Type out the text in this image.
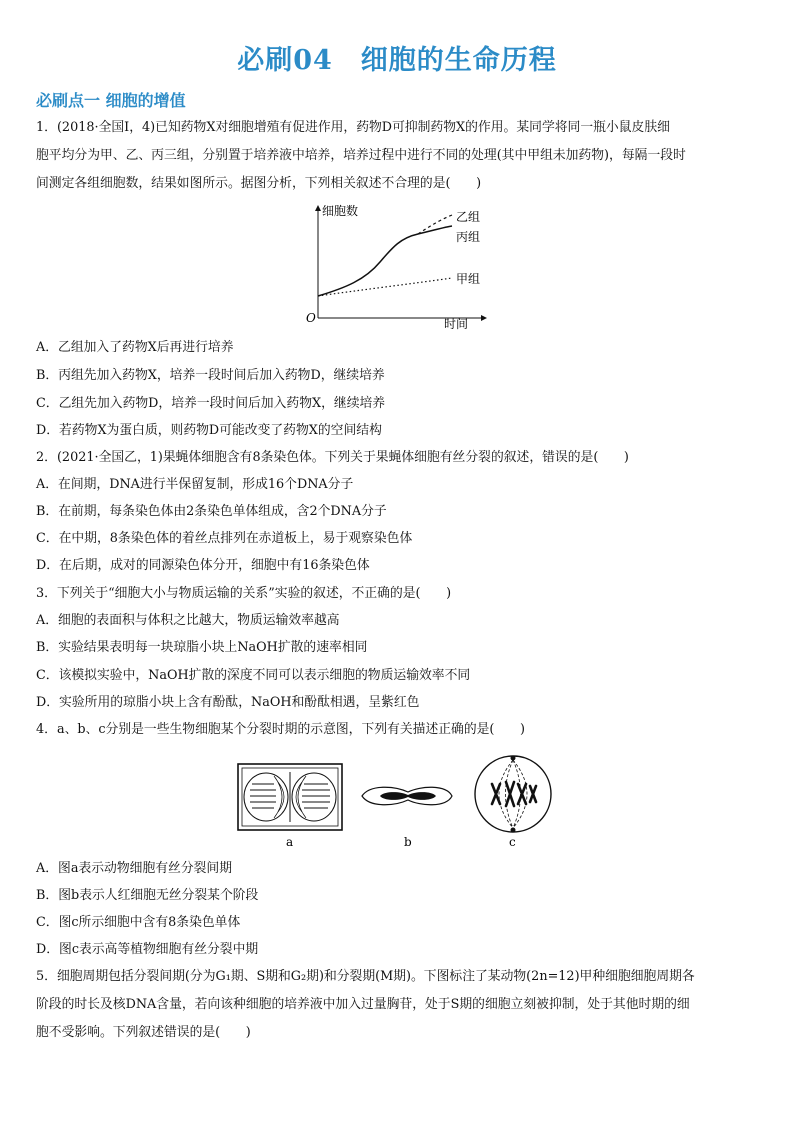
必刷04　细胞的生命历程
必刷点一 细胞的增值
1．(2018·全国Ⅰ，4)已知药物X对细胞增殖有促进作用，药物D可抑制药物X的作用。某同学将同一瓶小鼠皮肤细
胞平均分为甲、乙、丙三组，分别置于培养液中培养，培养过程中进行不同的处理(其中甲组未加药物)，每隔一段时
间测定各组细胞数，结果如图所示。据图分析，下列相关叙述不合理的是(　　)
细胞数
时间
O
乙组
丙组
甲组
A．乙组加入了药物X后再进行培养
B．丙组先加入药物X，培养一段时间后加入药物D，继续培养
C．乙组先加入药物D，培养一段时间后加入药物X，继续培养
D．若药物X为蛋白质，则药物D可能改变了药物X的空间结构
2．(2021·全国乙，1)果蝇体细胞含有8条染色体。下列关于果蝇体细胞有丝分裂的叙述，错误的是(　　)
A．在间期，DNA进行半保留复制，形成16个DNA分子
B．在前期，每条染色体由2条染色单体组成，含2个DNA分子
C．在中期，8条染色体的着丝点排列在赤道板上，易于观察染色体
D．在后期，成对的同源染色体分开，细胞中有16条染色体
3．下列关于“细胞大小与物质运输的关系”实验的叙述，不正确的是(　　)
A．细胞的表面积与体积之比越大，物质运输效率越高
B．实验结果表明每一块琼脂小块上NaOH扩散的速率相同
C．该模拟实验中，NaOH扩散的深度不同可以表示细胞的物质运输效率不同
D．实验所用的琼脂小块上含有酚酞，NaOH和酚酞相遇，呈紫红色
4．a、b、c分别是一些生物细胞某个分裂时期的示意图，下列有关描述正确的是(　　)
a	b	c
A．图a表示动物细胞有丝分裂间期
B．图b表示人红细胞无丝分裂某个阶段
C．图c所示细胞中含有8条染色单体
D．图c表示高等植物细胞有丝分裂中期
5．细胞周期包括分裂间期(分为G₁期、S期和G₂期)和分裂期(M期)。下图标注了某动物(2n=12)甲种细胞细胞周期各
阶段的时长及核DNA含量，若向该种细胞的培养液中加入过量胸苷，处于S期的细胞立刻被抑制，处于其他时期的细
胞不受影响。下列叙述错误的是(　　)
